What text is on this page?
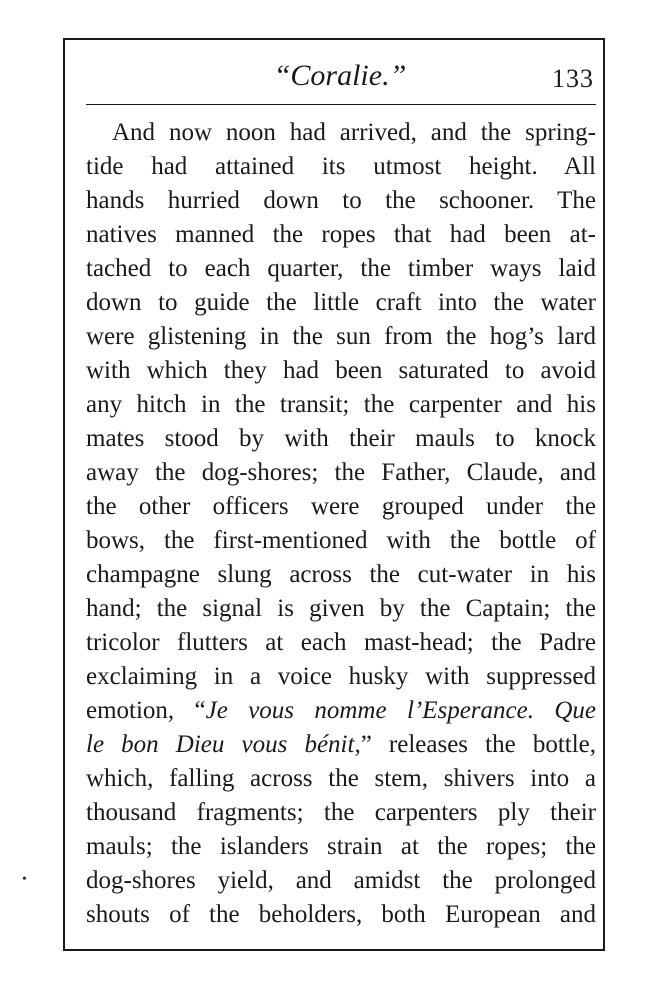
“Coralie.”	133
And now noon had arrived, and the spring-
tide had attained its utmost height. All
hands hurried down to the schooner. The
natives manned the ropes that had been at-
tached to each quarter, the timber ways laid
down to guide the little craft into the water
were glistening in the sun from the hog’s lard
with which they had been saturated to avoid
any hitch in the transit; the carpenter and his
mates stood by with their mauls to knock
away the dog-shores; the Father, Claude, and
the other officers were grouped under the
bows, the first-mentioned with the bottle of
champagne slung across the cut-water in his
hand; the signal is given by the Captain; the
tricolor flutters at each mast-head; the Padre
exclaiming in a voice husky with suppressed
emotion, “Je vous nomme l’Esperance. Que
le bon Dieu vous bénit,” releases the bottle,
which, falling across the stem, shivers into a
thousand fragments; the carpenters ply their
mauls; the islanders strain at the ropes; the
dog-shores yield, and amidst the prolonged
shouts of the beholders, both European and
•
